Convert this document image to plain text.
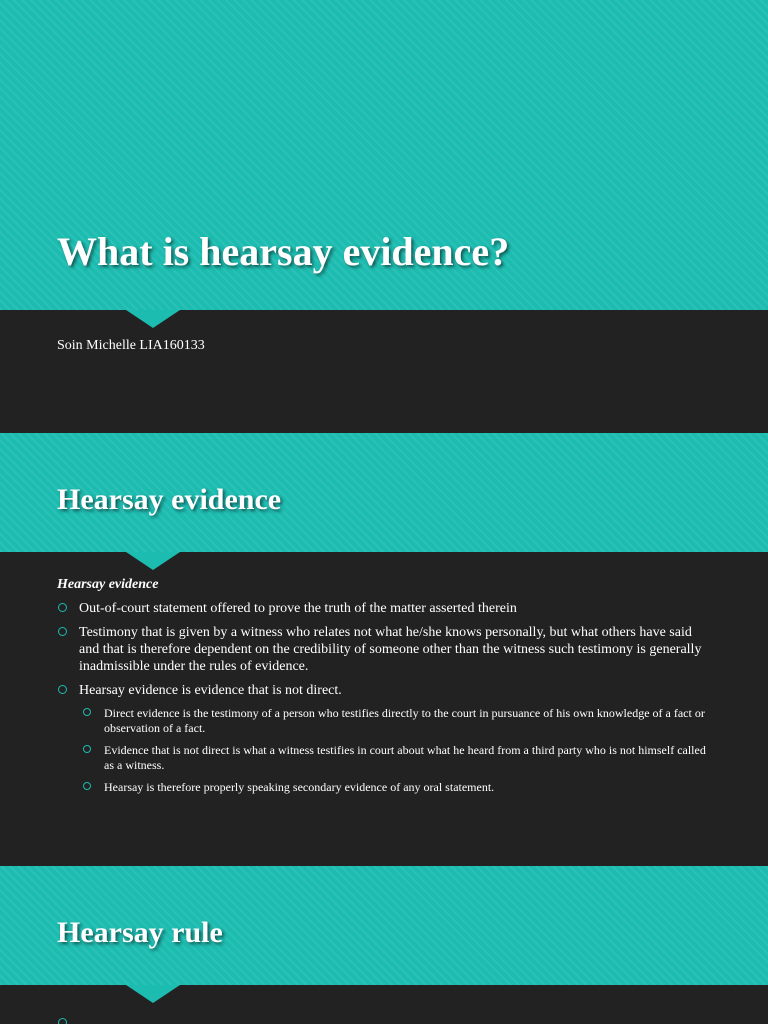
What is hearsay evidence?
Soin Michelle LIA160133
Hearsay evidence
Hearsay evidence
Out-of-court statement offered to prove the truth of the matter asserted therein
Testimony that is given by a witness who relates not what he/she knows personally, but what others have said and that is therefore dependent on the credibility of someone other than the witness such testimony is generally inadmissible under the rules of evidence.
Hearsay evidence is evidence that is not direct.
Direct evidence is the testimony of a person who testifies directly to the court in pursuance of his own knowledge of a fact or observation of a fact.
Evidence that is not direct is what a witness testifies in court about what he heard from a third party who is not himself called as a witness.
Hearsay is therefore properly speaking secondary evidence of any oral statement.
Hearsay rule
